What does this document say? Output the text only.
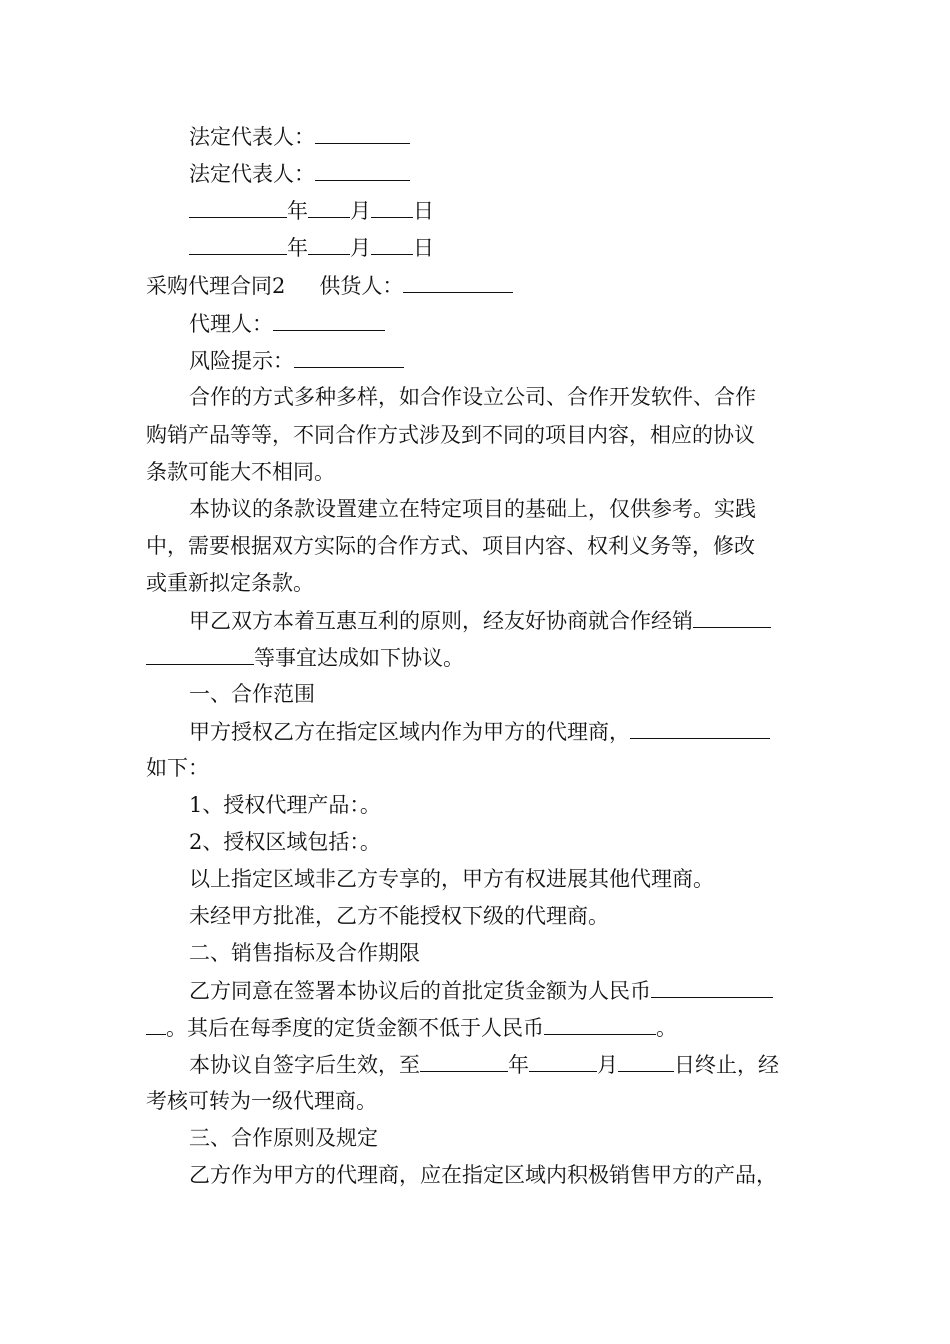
法定代表人：
法定代表人：
年 月 日
年 月 日
采购代理合同2 供货人：
代理人：
风险提示：
合作的方式多种多样，如合作设立公司、合作开发软件、合作
购销产品等等，不同合作方式涉及到不同的项目内容，相应的协议
条款可能大不相同。
本协议的条款设置建立在特定项目的基础上，仅供参考。实践
中，需要根据双方实际的合作方式、项目内容、权利义务等，修改
或重新拟定条款。
甲乙双方本着互惠互利的原则，经友好协商就合作经销
等事宜达成如下协议。
一、合作范围
甲方授权乙方在指定区域内作为甲方的代理商，
如下：
1、授权代理产品：。
2、授权区域包括：。
以上指定区域非乙方专享的，甲方有权进展其他代理商。
未经甲方批准，乙方不能授权下级的代理商。
二、销售指标及合作期限
乙方同意在签署本协议后的首批定货金额为人民币
。其后在每季度的定货金额不低于人民币	。
本协议自签字后生效，至	年	月	日终止，经
考核可转为一级代理商。
三、合作原则及规定
乙方作为甲方的代理商，应在指定区域内积极销售甲方的产品，
